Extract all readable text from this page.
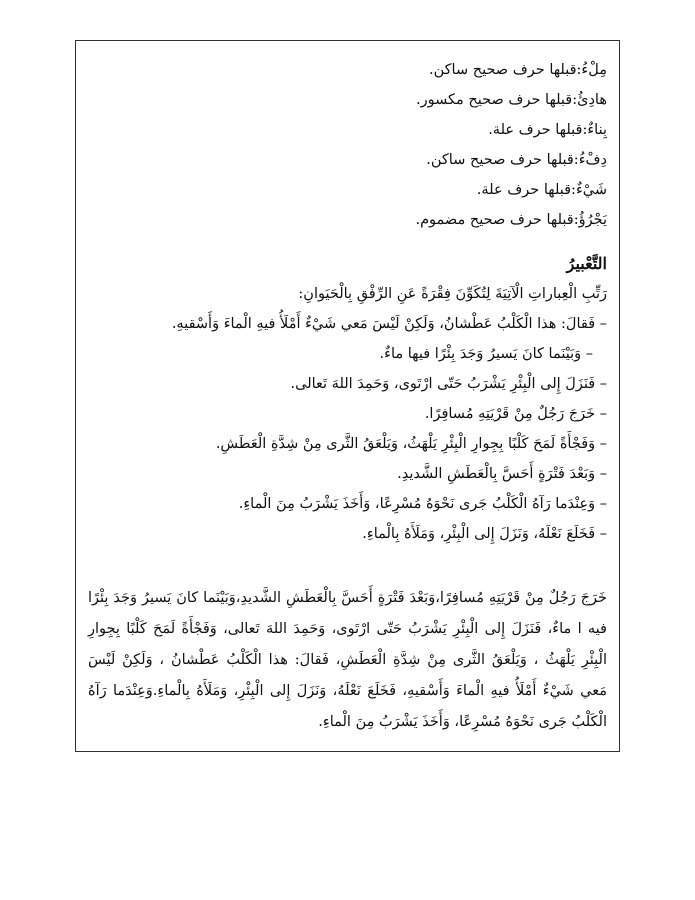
مِلْءُ:قبلها حرف صحيح ساكن.
هادِئُ:قبلها حرف صحيح مكسور.
بِناءٌ:قبلها حرف علة.
دِفْءُ:قبلها حرف صحيح ساكن.
شَيْءٌ:قبلها حرف علة.
يَجْرُؤُ:قبلها حرف صحيح مضموم.
التَّعْبيرُ
رَتِّبِ الْعِباراتِ الْآتِيَةَ لِتُكَوِّنَ فِقْرَةً عَنِ الرِّفْقِ بِالْحَيَوانِ:
– فَقالَ: هذا الْكَلْبُ عَطْشانُ، وَلَكِنْ لَيْسَ مَعي شَيْءٌ أَمْلَأُ فيهِ الْماءَ وَأَسْقيهِ.
– وَبَيْنَما كانَ يَسيرُ وَجَدَ بِئْرًا فيها ماءٌ.
– فَنَزَلَ إِلى الْبِئْرِ يَشْرَبُ حَتّى ارْتَوى، وَحَمِدَ اللهَ تَعالى.
– خَرَجَ رَجُلٌ مِنْ قَرْيَتِهِ مُسافِرًا.
– وَفَجْأَةً لَمَحَ كَلْبًا بِجِوارِ الْبِئْرِ يَلْهَثُ، وَيَلْعَقُ الثَّرى مِنْ شِدَّةِ الْعَطَشِ.
– وَبَعْدَ فَتْرَةٍ أَحَسَّ بِالْعَطَشِ الشَّديدِ.
– وَعِنْدَما رَآهُ الْكَلْبُ جَرى نَحْوَهُ مُسْرِعًا، وَأَخَذَ يَشْرَبُ مِنَ الْماءِ.
– فَخَلَعَ نَعْلَهُ، وَنَزَلَ إِلى الْبِئْرِ، وَمَلَأَهُ بِالْماءِ.
خَرَجَ رَجُلٌ مِنْ قَرْيَتِهِ مُسافِرًا،وَبَعْدَ فَتْرَةٍ أَحَسَّ بِالْعَطَشِ الشَّديدِ،وَبَيْنَما كانَ يَسيرُ وَجَدَ بِئْرًا فيه ا ماءٌ، فَنَزَلَ إِلى الْبِئْرِ يَشْرَبُ حَتّى ارْتَوى، وَحَمِدَ اللهَ تَعالى، وَفَجْأَةً لَمَحَ كَلْبًا بِجِوارِ الْبِئْرِ يَلْهَثُ ، وَيَلْعَقُ الثَّرى مِنْ شِدَّةِ الْعَطَشِ، فَقالَ: هذا الْكَلْبُ عَطْشانُ ، وَلَكِنْ لَيْسَ مَعي شَيْءٌ أَمْلَأُ فيهِ الْماءَ وَأَسْقيهِ، فَخَلَعَ نَعْلَهُ، وَنَزَلَ إِلى الْبِئْرِ، وَمَلَأَهُ بِالْماءِ.وَعِنْدَما رَآهُ الْكَلْبُ جَرى نَحْوَهُ مُسْرِعًا، وَأَخَذَ يَشْرَبُ مِنَ الْماءِ.
